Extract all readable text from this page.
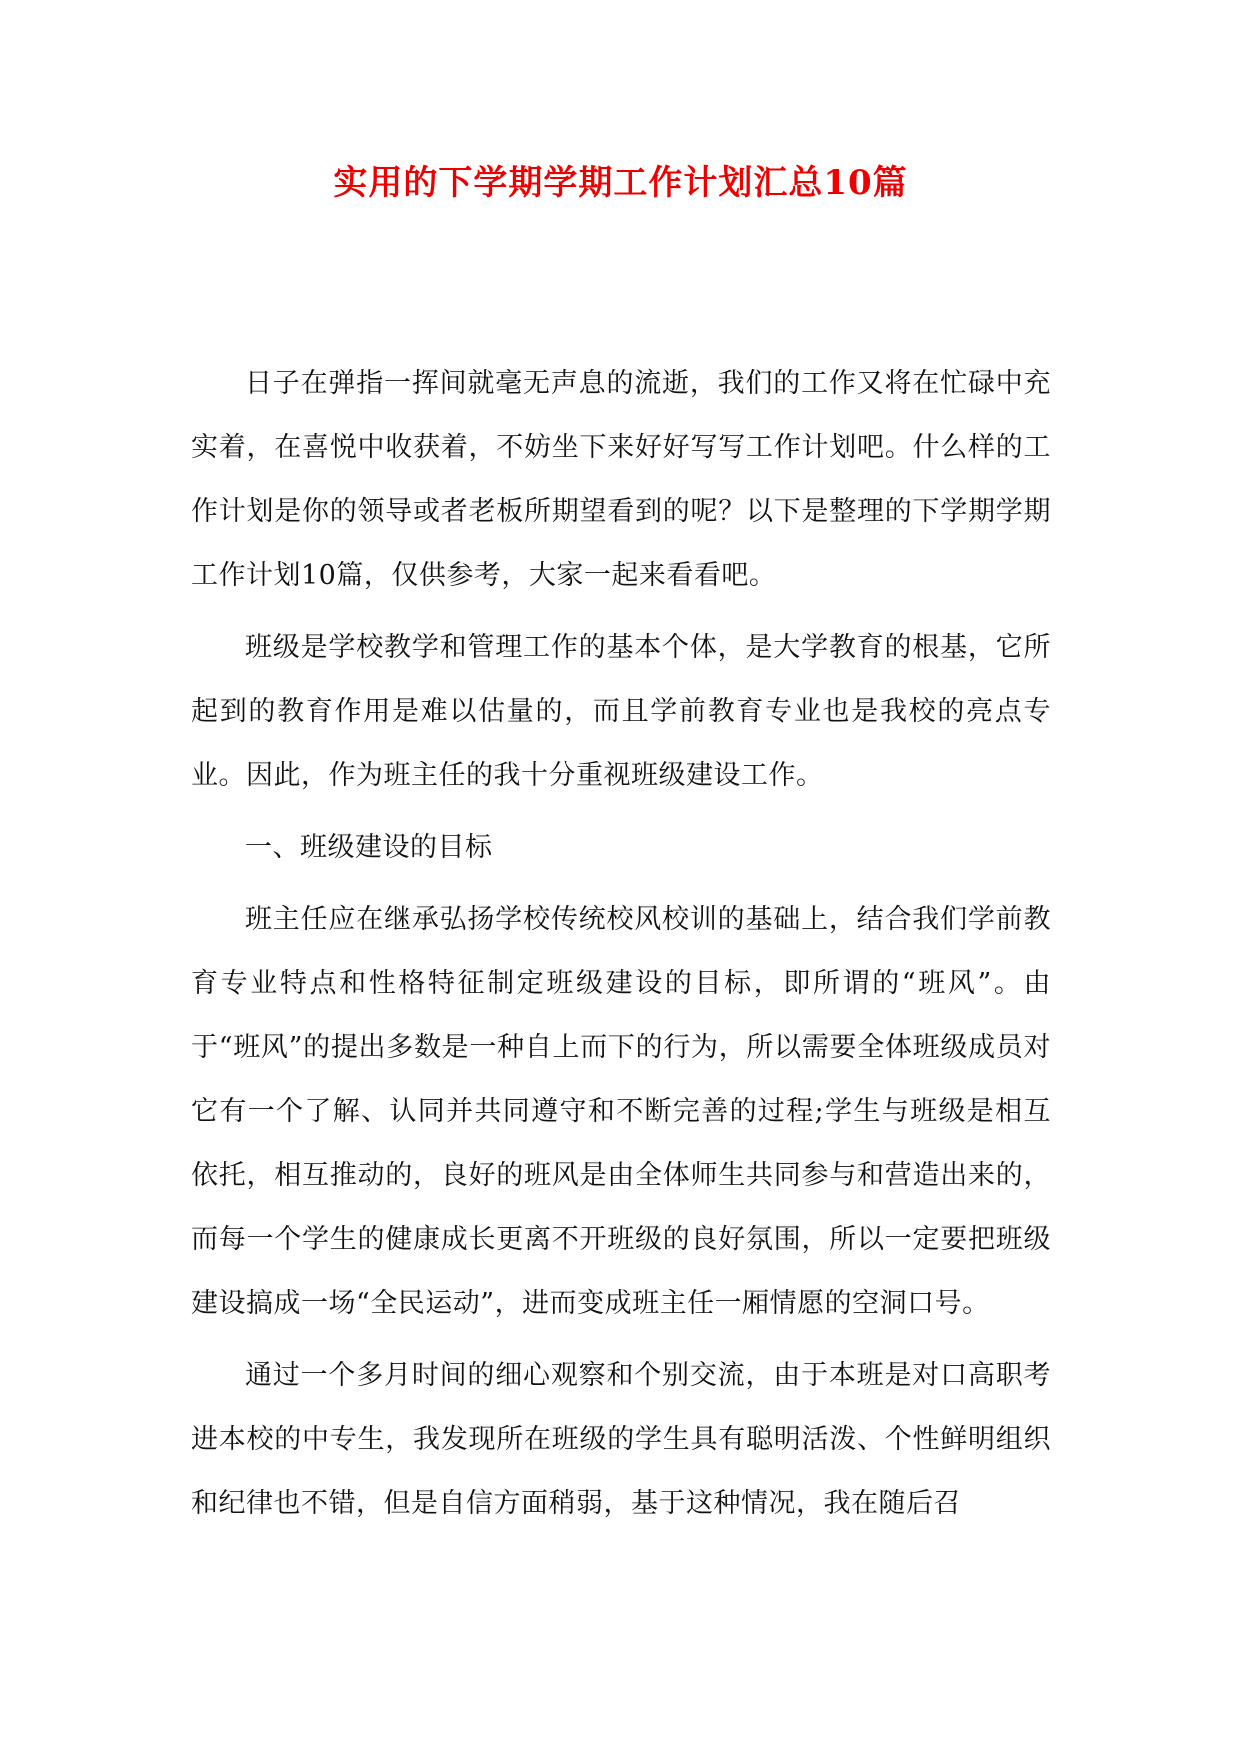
实用的下学期学期工作计划汇总10篇

日子在弹指一挥间就毫无声息的流逝，我们的工作又将在忙碌中充实着，在喜悦中收获着，不妨坐下来好好写写工作计划吧。什么样的工作计划是你的领导或者老板所期望看到的呢？以下是整理的下学期学期工作计划10篇，仅供参考，大家一起来看看吧。

班级是学校教学和管理工作的基本个体，是大学教育的根基，它所起到的教育作用是难以估量的，而且学前教育专业也是我校的亮点专业。因此，作为班主任的我十分重视班级建设工作。

一、班级建设的目标

班主任应在继承弘扬学校传统校风校训的基础上，结合我们学前教育专业特点和性格特征制定班级建设的目标，即所谓的“班风”。由于“班风”的提出多数是一种自上而下的行为，所以需要全体班级成员对它有一个了解、认同并共同遵守和不断完善的过程;学生与班级是相互依托，相互推动的，良好的班风是由全体师生共同参与和营造出来的，而每一个学生的健康成长更离不开班级的良好氛围，所以一定要把班级建设搞成一场“全民运动”，进而变成班主任一厢情愿的空洞口号。

通过一个多月时间的细心观察和个别交流，由于本班是对口高职考进本校的中专生，我发现所在班级的学生具有聪明活泼、个性鲜明组织和纪律也不错，但是自信方面稍弱，基于这种情况，我在随后召
